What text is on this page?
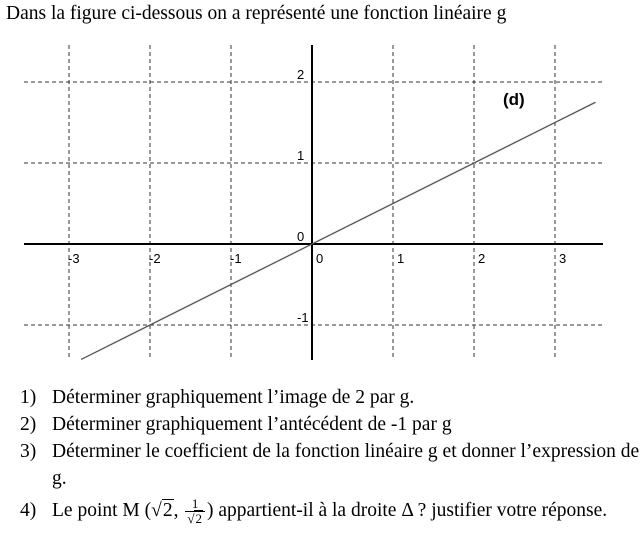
Dans la figure ci-dessous on a représenté une fonction linéaire g
-3	-2	-1	0	1	2	3
-1
0
1
2
(d)
1) Déterminer graphiquement l’image de 2 par g.
2) Déterminer graphiquement l’antécédent de -1 par g
3) Déterminer le coefficient de la fonction linéaire g et donner l’expression de g.
4) Le point M (√2, $\frac{1}{√2}$ ) appartient-il à la droite Δ ? justifier votre réponse.
